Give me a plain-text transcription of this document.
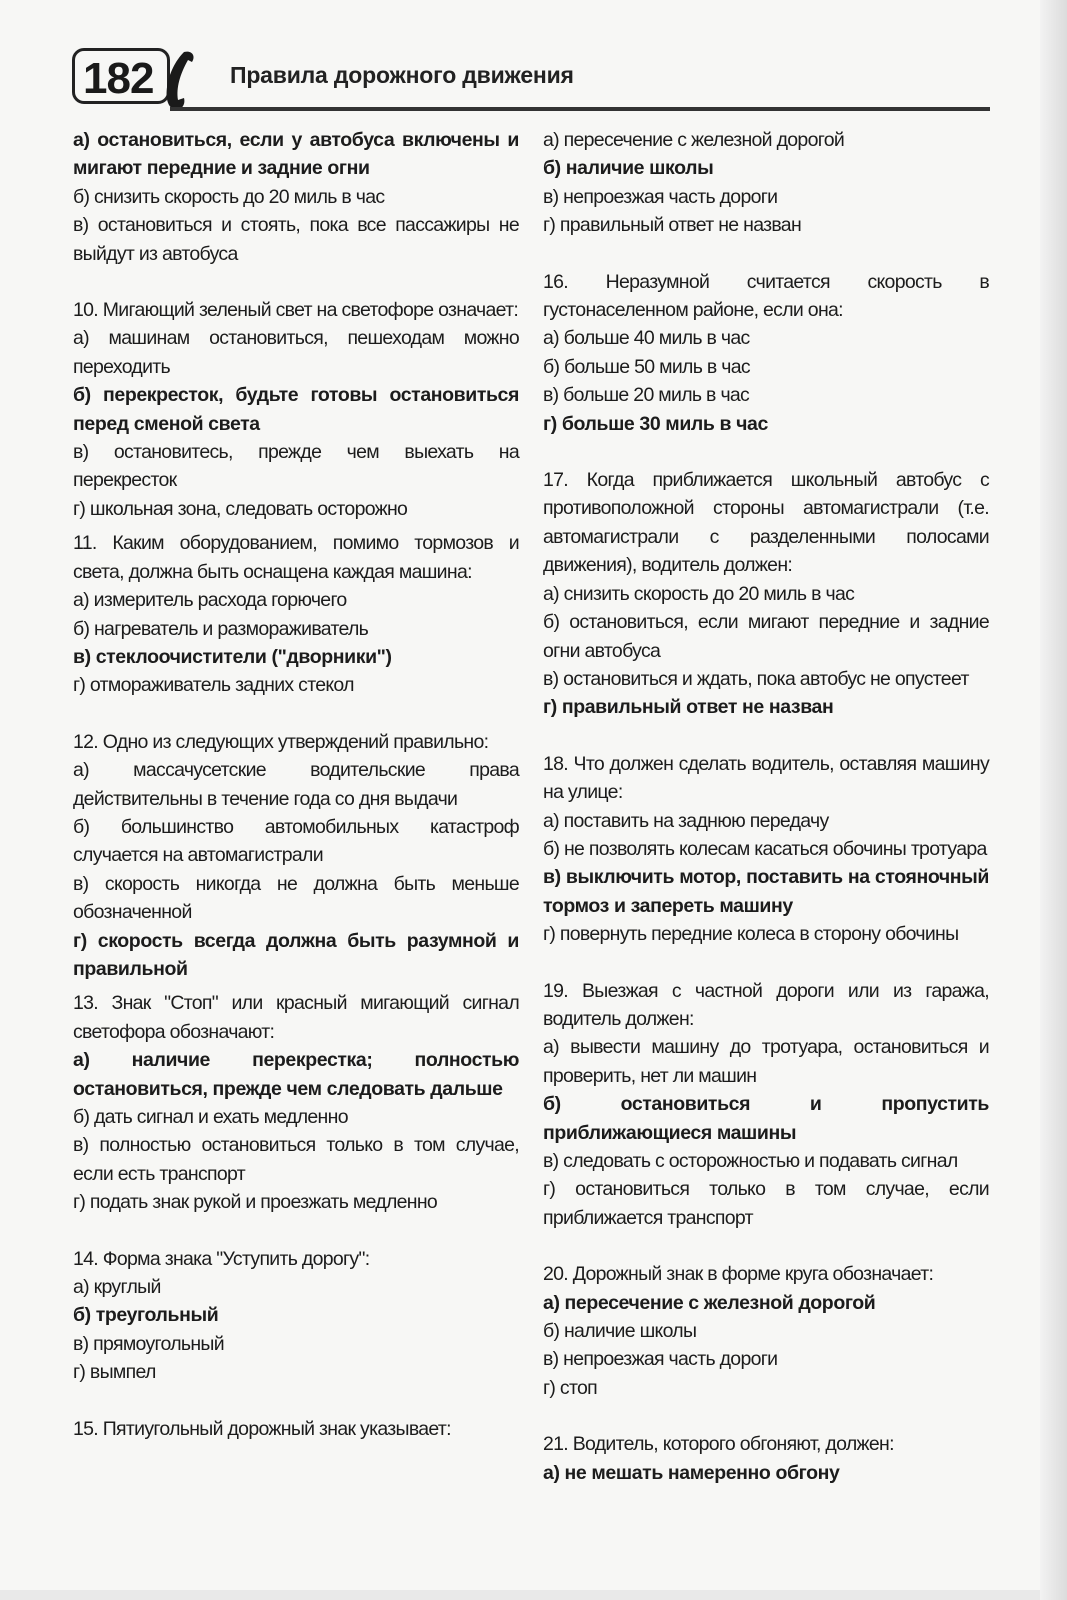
182	Правила дорожного движения

а) остановиться, если у автобуса включены и мигают передние и задние огни

б) снизить скорость до 20 миль в час

в) остановиться и стоять, пока все пассажиры не выйдут из автобуса

10. Мигающий зеленый свет на светофоре означает:

а) машинам остановиться, пешеходам можно переходить

б) перекресток, будьте готовы остановиться перед сменой света

в) остановитесь, прежде чем выехать на перекресток

г) школьная зона, следовать осторожно

11. Каким оборудованием, помимо тормозов и света, должна быть оснащена каждая машина:

а) измеритель расхода горючего

б) нагреватель и размораживатель

в) стеклоочистители ("дворники")

г) отмораживатель задних стекол

12. Одно из следующих утверждений правильно:

а) массачусетские водительские права действительны в течение года со дня выдачи

б) большинство автомобильных катастроф случается на автомагистрали

в) скорость никогда не должна быть меньше обозначенной

г) скорость всегда должна быть разумной и правильной

13. Знак "Стоп" или красный мигающий сигнал светофора обозначают:

а) наличие перекрестка; полностью остановиться, прежде чем следовать дальше

б) дать сигнал и ехать медленно

в) полностью остановиться только в том случае, если есть транспорт

г) подать знак рукой и проезжать медленно

14. Форма знака "Уступить дорогу":

а) круглый

б) треугольный

в) прямоугольный

г) вымпел

15. Пятиугольный дорожный знак указывает:

а) пересечение с железной дорогой

б) наличие школы

в) непроезжая часть дороги

г) правильный ответ не назван

16. Неразумной считается скорость в густонаселенном районе, если она:

а) больше 40 миль в час

б) больше 50 миль в час

в) больше 20 миль в час

г) больше 30 миль в час

17. Когда приближается школьный автобус с противоположной стороны автомагистрали (т.е. автомагистрали с разделенными полосами движения), водитель должен:

а) снизить скорость до 20 миль в час

б) остановиться, если мигают передние и задние огни автобуса

в) остановиться и ждать, пока автобус не опустеет

г) правильный ответ не назван

18. Что должен сделать водитель, оставляя машину на улице:

а) поставить на заднюю передачу

б) не позволять колесам касаться обочины тротуара

в) выключить мотор, поставить на стояночный тормоз и запереть машину

г) повернуть передние колеса в сторону обочины

19. Выезжая с частной дороги или из гаража, водитель должен:

а) вывести машину до тротуара, остановиться и проверить, нет ли машин

б) остановиться и пропустить приближающиеся машины

в) следовать с осторожностью и подавать сигнал

г) остановиться только в том случае, если приближается транспорт

20. Дорожный знак в форме круга обозначает:

а) пересечение с железной дорогой

б) наличие школы

в) непроезжая часть дороги

г) стоп

21. Водитель, которого обгоняют, должен:

а) не мешать намеренно обгону
